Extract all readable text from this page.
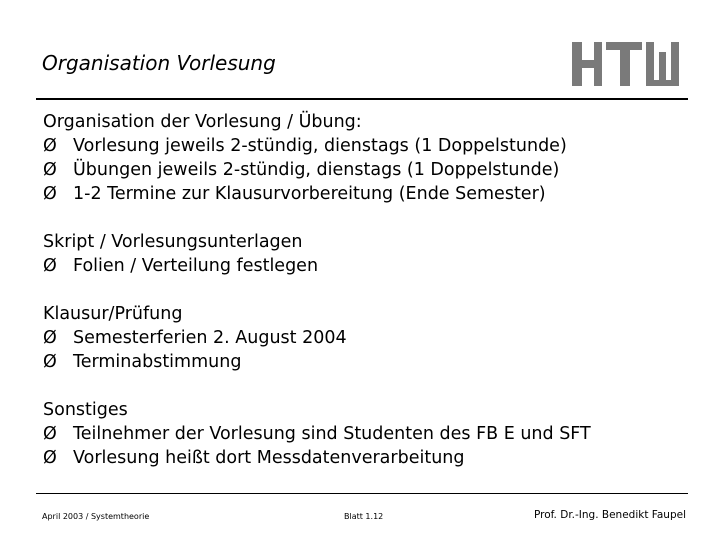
Organisation Vorlesung
Organisation der Vorlesung / Übung:
Ø Vorlesung jeweils 2-stündig, dienstags (1 Doppelstunde)
Ø Übungen jeweils 2-stündig, dienstags (1 Doppelstunde)
Ø 1-2 Termine zur Klausurvorbereitung (Ende Semester)
Skript / Vorlesungsunterlagen
Ø Folien / Verteilung festlegen
Klausur/Prüfung
Ø Semesterferien 2. August 2004
Ø Terminabstimmung
Sonstiges
Ø Teilnehmer der Vorlesung sind Studenten des FB E und SFT
Ø Vorlesung heißt dort Messdatenverarbeitung
April 2003 / Systemtheorie	Blatt 1.12	Prof. Dr.-Ing. Benedikt Faupel
